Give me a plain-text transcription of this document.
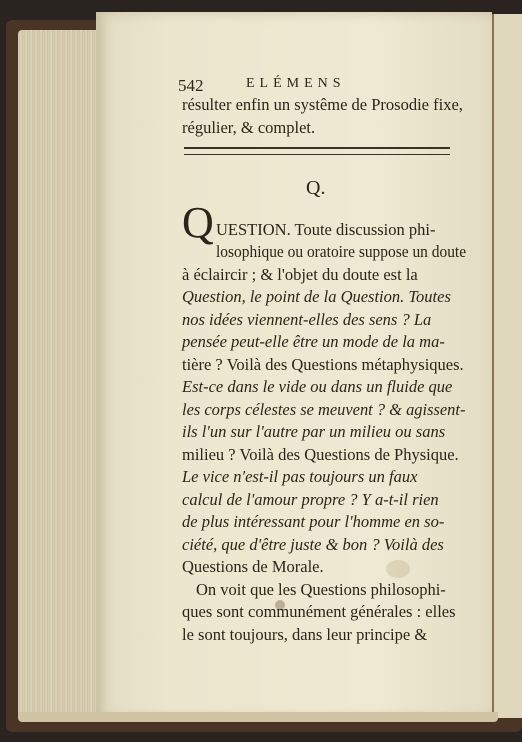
542	ELÉMENS
résulter enfin un systême de Prosodie fixe,
régulier, & complet.
Q.
Q UESTION. Toute discussion phi-
losophique ou oratoire suppose un doute
à éclaircir ; & l'objet du doute est la
Question, le point de la Question. Toutes
nos idées viennent-elles des sens ? La
pensée peut-elle être un mode de la ma-
tière ? Voilà des Questions métaphysiques.
Est-ce dans le vide ou dans un fluide que
les corps célestes se meuvent ? & agissent-
ils l'un sur l'autre par un milieu ou sans
milieu ? Voilà des Questions de Physique.
Le vice n'est-il pas toujours un faux
calcul de l'amour propre ? Y a-t-il rien
de plus intéressant pour l'homme en so-
ciété, que d'être juste & bon ? Voilà des
Questions de Morale.
On voit que les Questions philosophi-
ques sont communément générales : elles
le sont toujours, dans leur principe &
